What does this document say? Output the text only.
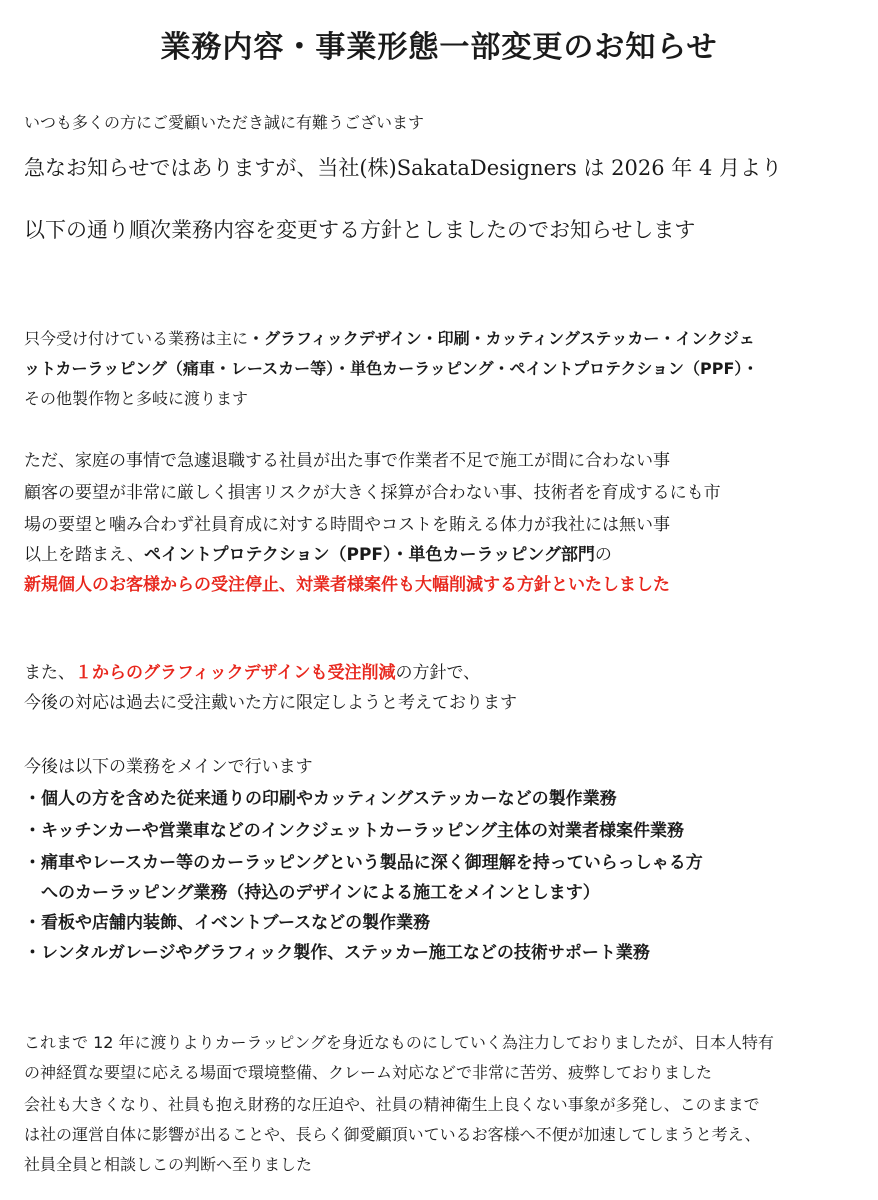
業務内容・事業形態一部変更のお知らせ
いつも多くの方にご愛顧いただき誠に有難うございます
急なお知らせではありますが、当社(株)SakataDesigners は 2026 年 4 月より
以下の通り順次業務内容を変更する方針としましたのでお知らせします
只今受け付けている業務は主に・グラフィックデザイン・印刷・カッティングステッカー・インクジェ
ットカーラッピング（痛車・レースカー等）・単色カーラッピング・ペイントプロテクション（PPF）・
その他製作物と多岐に渡ります
ただ、家庭の事情で急遽退職する社員が出た事で作業者不足で施工が間に合わない事
顧客の要望が非常に厳しく損害リスクが大きく採算が合わない事、技術者を育成するにも市
場の要望と噛み合わず社員育成に対する時間やコストを賄える体力が我社には無い事
以上を踏まえ、ペイントプロテクション（PPF）・単色カーラッピング部門の
新規個人のお客様からの受注停止、対業者様案件も大幅削減する方針といたしました
また、１からのグラフィックデザインも受注削減の方針で、
今後の対応は過去に受注戴いた方に限定しようと考えております
今後は以下の業務をメインで行います
・個人の方を含めた従来通りの印刷やカッティングステッカーなどの製作業務
・キッチンカーや営業車などのインクジェットカーラッピング主体の対業者様案件業務
・痛車やレースカー等のカーラッピングという製品に深く御理解を持っていらっしゃる方
　へのカーラッピング業務（持込のデザインによる施工をメインとします）
・看板や店舗内装飾、イベントブースなどの製作業務
・レンタルガレージやグラフィック製作、ステッカー施工などの技術サポート業務
これまで 12 年に渡りよりカーラッピングを身近なものにしていく為注力しておりましたが、日本人特有
の神経質な要望に応える場面で環境整備、クレーム対応などで非常に苦労、疲弊しておりました
会社も大きくなり、社員も抱え財務的な圧迫や、社員の精神衛生上良くない事象が多発し、このままで
は社の運営自体に影響が出ることや、長らく御愛顧頂いているお客様へ不便が加速してしまうと考え、
社員全員と相談しこの判断へ至りました
